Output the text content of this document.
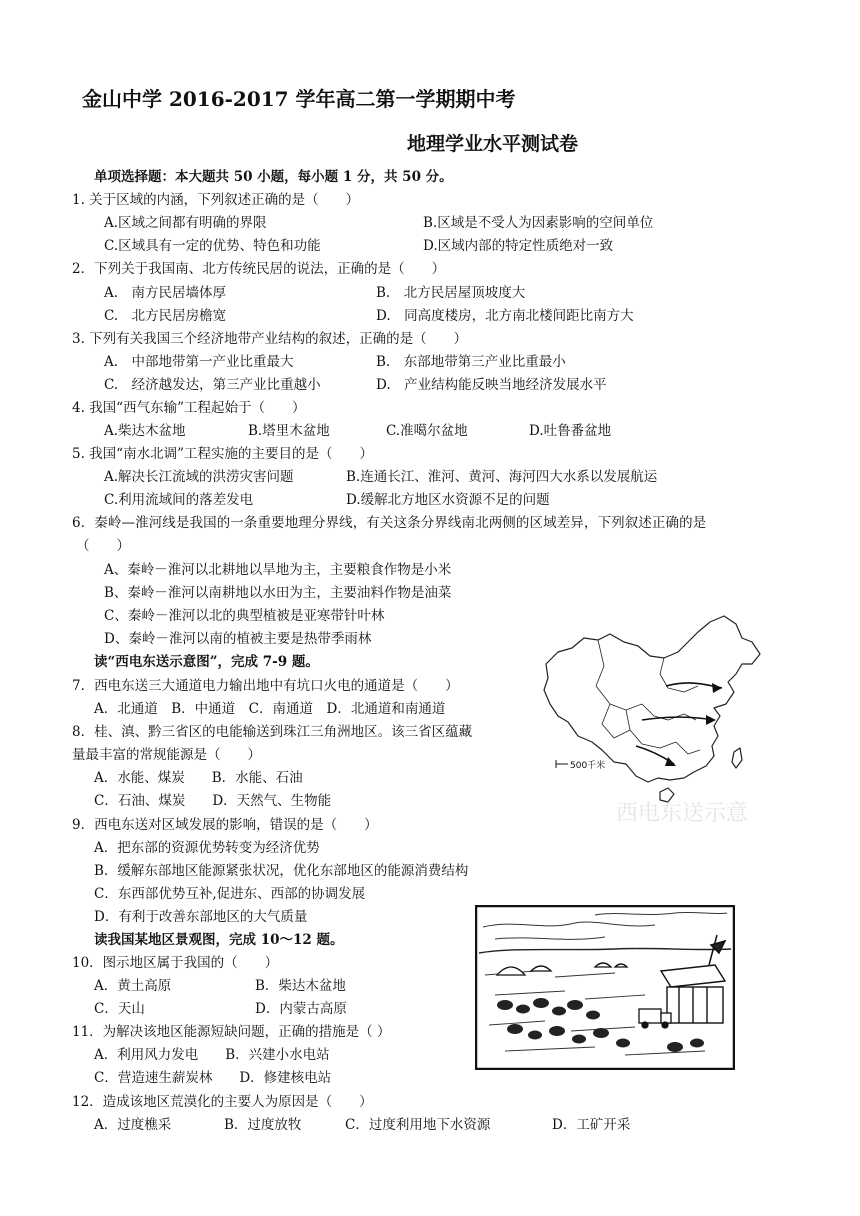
金山中学 2016-2017 学年高二第一学期期中考
地理学业水平测试卷
单项选择题：本大题共 50 小题，每小题 1 分，共 50 分。
1. 关于区域的内涵，下列叙述正确的是（　　）
A.区域之间都有明确的界限	B.区域是不受人为因素影响的空间单位
C.区域具有一定的优势、特色和功能	D.区域内部的特定性质绝对一致
2．下列关于我国南、北方传统民居的说法，正确的是（　　）
A.　南方民居墙体厚	B.　北方民居屋顶坡度大
C.　北方民居房檐宽	D.　同高度楼房，北方南北楼间距比南方大
3. 下列有关我国三个经济地带产业结构的叙述，正确的是（　　）
A.　中部地带第一产业比重最大	B.　东部地带第三产业比重最小
C.　经济越发达，第三产业比重越小	D.　产业结构能反映当地经济发展水平
4. 我国“西气东输”工程起始于（　　）
A.柴达木盆地	B.塔里木盆地	C.准噶尔盆地	D.吐鲁番盆地
5. 我国“南水北调”工程实施的主要目的是（　　）
A.解决长江流域的洪涝灾害问题	B.连通长江、淮河、黄河、海河四大水系以发展航运
C.利用流域间的落差发电	D.缓解北方地区水资源不足的问题
6．秦岭—淮河线是我国的一条重要地理分界线，有关这条分界线南北两侧的区域差异，下列叙述正确的是
（　　）
A、秦岭－淮河以北耕地以旱地为主，主要粮食作物是小米
B、秦岭－淮河以南耕地以水田为主，主要油料作物是油菜
C、秦岭－淮河以北的典型植被是亚寒带针叶林
D、秦岭－淮河以南的植被主要是热带季雨林
读“西电东送示意图”，完成 7-9 题。
7．西电东送三大通道电力输出地中有坑口火电的通道是（　　）
A．北通道　B．中通道　C．南通道　D．北通道和南通道
8．桂、滇、黔三省区的电能输送到珠江三角洲地区。该三省区蕴藏
量最丰富的常规能源是（　　）
A．水能、煤炭　　B．水能、石油
C．石油、煤炭　　D．天然气、生物能
9．西电东送对区域发展的影响，错误的是（　　）
A．把东部的资源优势转变为经济优势
B．缓解东部地区能源紧张状况，优化东部地区的能源消费结构
C．东西部优势互补,促进东、西部的协调发展
D．有利于改善东部地区的大气质量
读我国某地区景观图，完成 10～12 题。
10．图示地区属于我国的（　　）
A．黄土高原	B．柴达木盆地
C．天山	D．内蒙古高原
11．为解决该地区能源短缺问题，正确的措施是（ ）
A．利用风力发电　　B．兴建小水电站
C．营造速生薪炭林　　D．修建核电站
12．造成该地区荒漠化的主要人为原因是（　　）
A．过度樵采	B．过度放牧	C．过度利用地下水资源	D．工矿开采
500千米
西电东送示意
